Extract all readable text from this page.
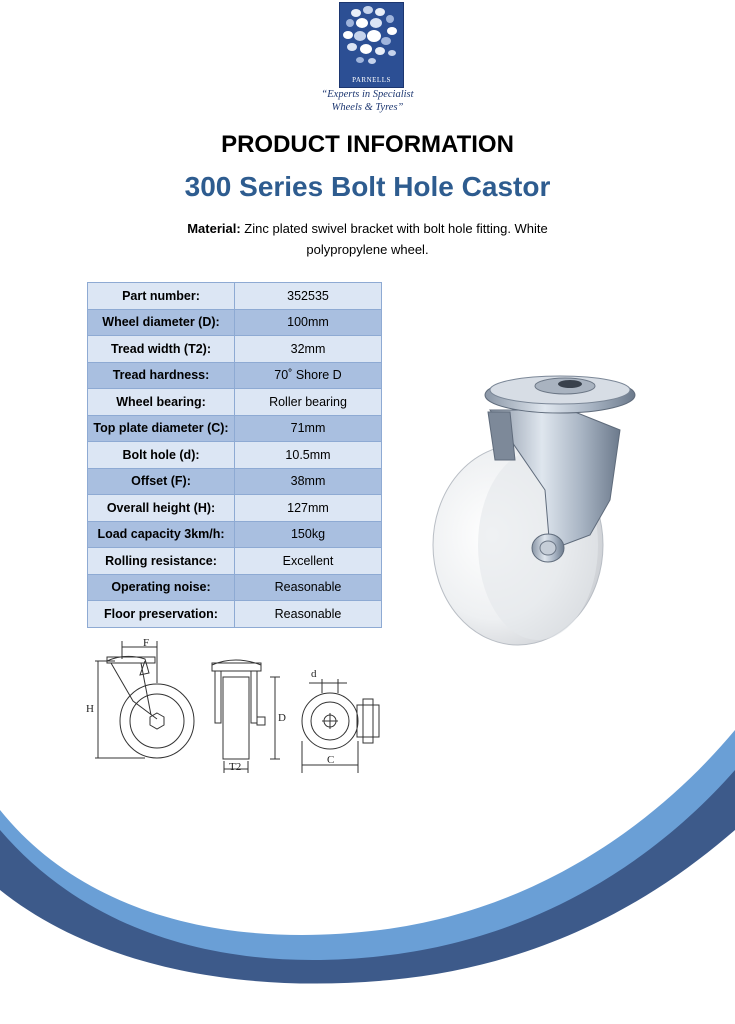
PARNELLS
“Experts in Specialist
Wheels & Tyres”
PRODUCT INFORMATION
300 Series Bolt Hole Castor
Material: Zinc plated swivel bracket with bolt hole fitting. White polypropylene wheel.
Part number:	352535
Wheel diameter (D):	100mm
Tread width (T2):	32mm
Tread hardness:	70˚ Shore D
Wheel bearing:	Roller bearing
Top plate diameter (C):	71mm
Bolt hole (d):	10.5mm
Offset (F):	38mm
Overall height (H):	127mm
Load capacity 3km/h:	150kg
Rolling resistance:	Excellent
Operating noise:	Reasonable
Floor preservation:	Reasonable
F
H
D
T2
d
C
